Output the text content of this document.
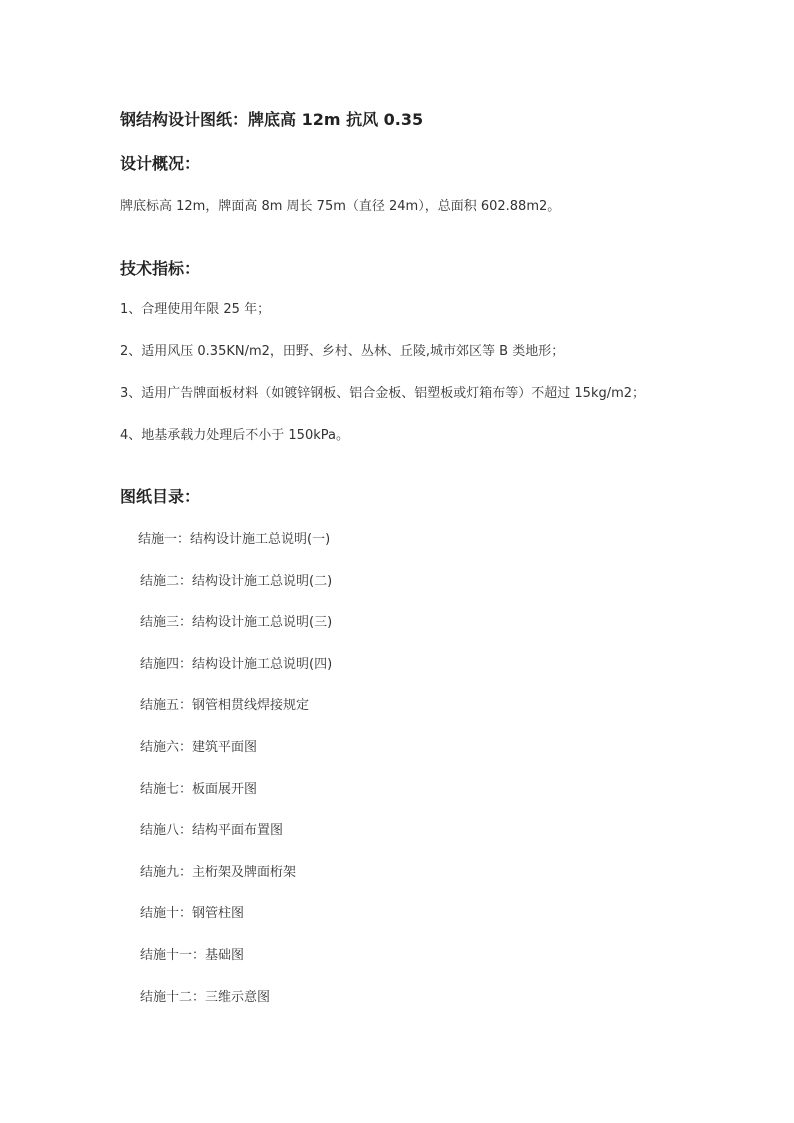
钢结构设计图纸：牌底高 12m 抗风 0.35
设计概况：
牌底标高 12m，牌面高 8m 周长 75m（直径 24m），总面积 602.88m2。
技术指标：
1、合理使用年限 25 年；
2、适用风压 0.35KN/m2，田野、乡村、丛林、丘陵,城市郊区等 B 类地形；
3、适用广告牌面板材料（如镀锌钢板、铝合金板、铝塑板或灯箱布等）不超过 15kg/m2；
4、地基承载力处理后不小于 150kPa。
图纸目录：
结施一：结构设计施工总说明(一)
结施二：结构设计施工总说明(二)
结施三：结构设计施工总说明(三)
结施四：结构设计施工总说明(四)
结施五：钢管相贯线焊接规定
结施六：建筑平面图
结施七：板面展开图
结施八：结构平面布置图
结施九：主桁架及牌面桁架
结施十：钢管柱图
结施十一：基础图
结施十二：三维示意图
